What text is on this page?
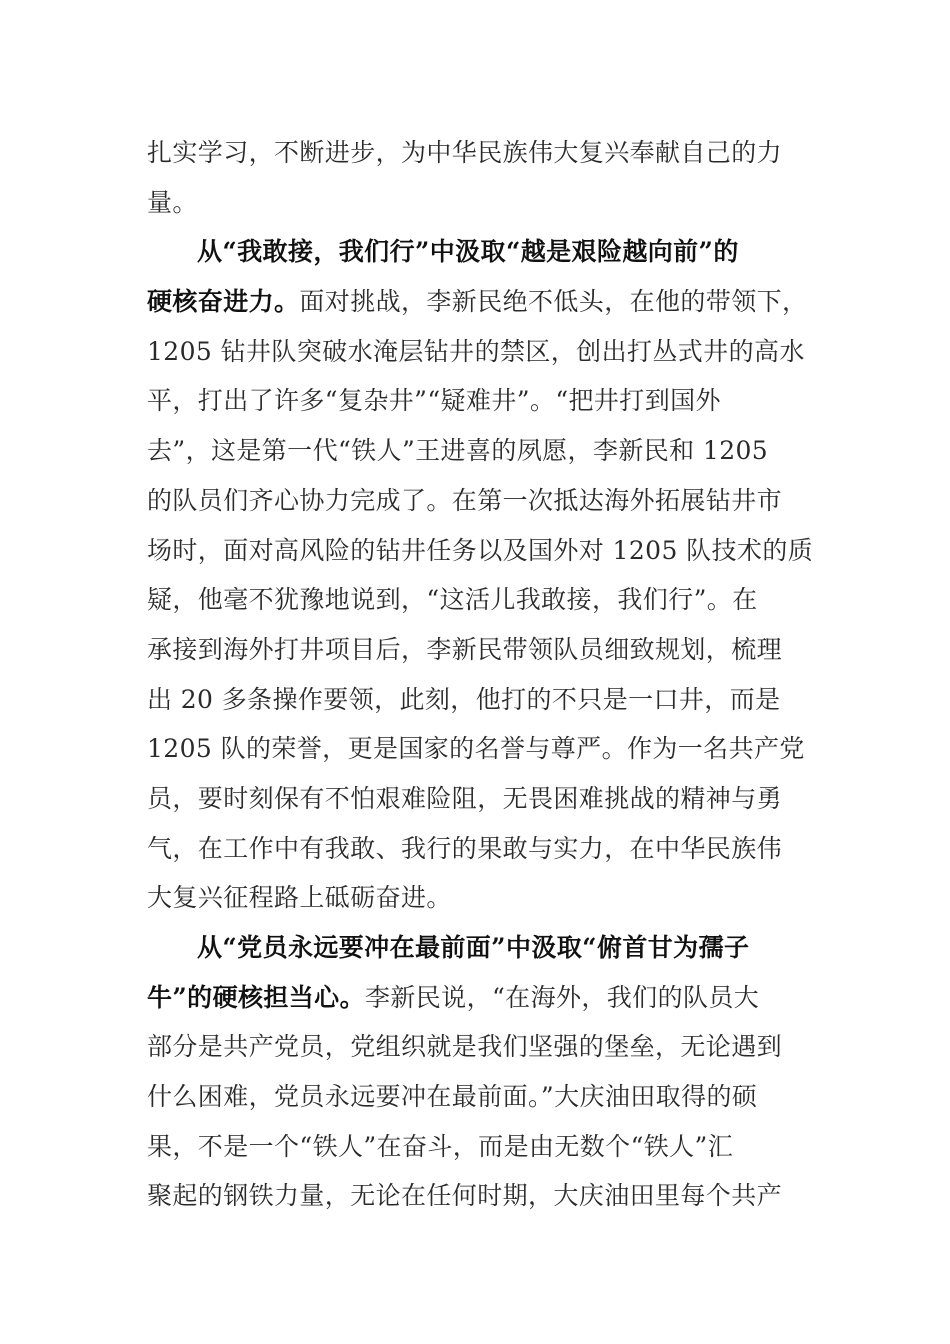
扎实学习，不断进步，为中华民族伟大复兴奉献自己的力
量。
从“我敢接，我们行”中汲取“越是艰险越向前”的
硬核奋进力。面对挑战，李新民绝不低头，在他的带领下，
1205 钻井队突破水淹层钻井的禁区，创出打丛式井的高水
平，打出了许多“复杂井”“疑难井”。“把井打到国外
去”，这是第一代“铁人”王进喜的夙愿，李新民和 1205
的队员们齐心协力完成了。在第一次抵达海外拓展钻井市
场时，面对高风险的钻井任务以及国外对 1205 队技术的质
疑，他毫不犹豫地说到，“这活儿我敢接，我们行”。在
承接到海外打井项目后，李新民带领队员细致规划，梳理
出 20 多条操作要领，此刻，他打的不只是一口井，而是
1205 队的荣誉，更是国家的名誉与尊严。作为一名共产党
员，要时刻保有不怕艰难险阻，无畏困难挑战的精神与勇
气，在工作中有我敢、我行的果敢与实力，在中华民族伟
大复兴征程路上砥砺奋进。
从“党员永远要冲在最前面”中汲取“俯首甘为孺子
牛”的硬核担当心。李新民说，“在海外，我们的队员大
部分是共产党员，党组织就是我们坚强的堡垒，无论遇到
什么困难，党员永远要冲在最前面。”大庆油田取得的硕
果，不是一个“铁人”在奋斗，而是由无数个“铁人”汇
聚起的钢铁力量，无论在任何时期，大庆油田里每个共产
